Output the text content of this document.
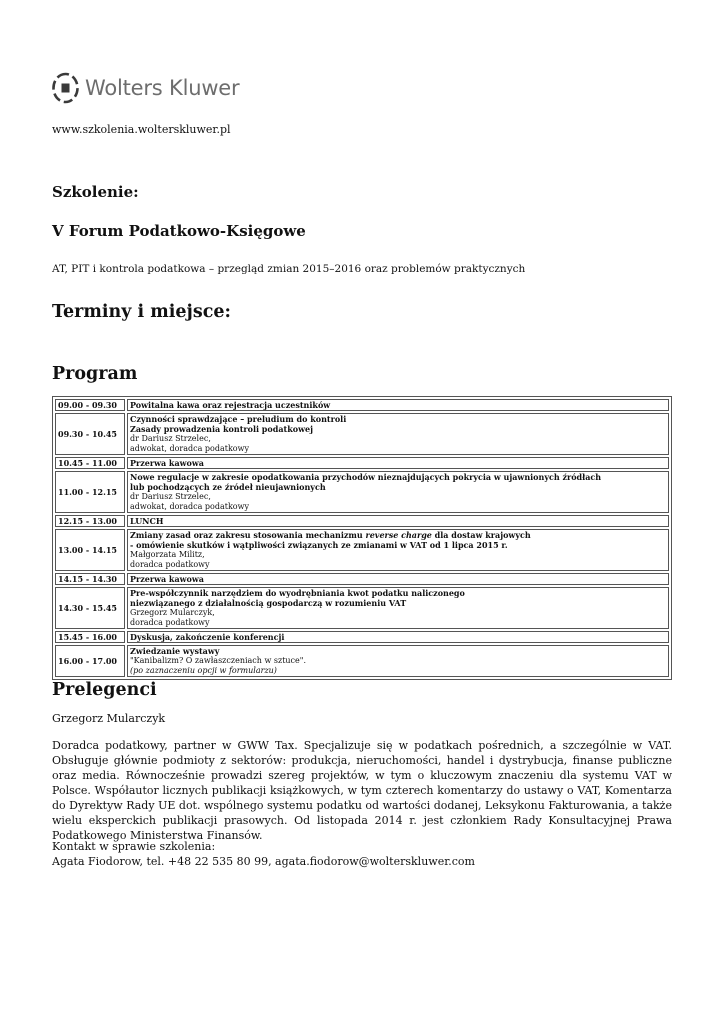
Wolters Kluwer
www.szkolenia.wolterskluwer.pl
Szkolenie:
V Forum Podatkowo-Księgowe
AT, PIT i kontrola podatkowa – przegląd zmian 2015–2016 oraz problemów praktycznych
Terminy i miejsce:
Program
09.00 - 09.30	Powitalna kawa oraz rejestracja uczestników

09.30 - 10.45	Czynności sprawdzające – preludium do kontroli
Zasady prowadzenia kontroli podatkowej
dr Dariusz Strzelec,
adwokat, doradca podatkowy

10.45 - 11.00	Przerwa kawowa

11.00 - 12.15	Nowe regulacje w zakresie opodatkowania przychodów nieznajdujących pokrycia w ujawnionych źródłach
lub pochodzących ze źródeł nieujawnionych
dr Dariusz Strzelec,
adwokat, doradca podatkowy

12.15 - 13.00	LUNCH

13.00 - 14.15	Zmiany zasad oraz zakresu stosowania mechanizmu reverse charge dla dostaw krajowych
- omówienie skutków i wątpliwości związanych ze zmianami w VAT od 1 lipca 2015 r.
Małgorzata Militz,
doradca podatkowy

14.15 - 14.30	Przerwa kawowa

14.30 - 15.45	Pre-współczynnik narzędziem do wyodrębniania kwot podatku naliczonego
niezwiązanego z działalnością gospodarczą w rozumieniu VAT
Grzegorz Mularczyk,
doradca podatkowy

15.45 - 16.00	Dyskusja, zakończenie konferencji

16.00 - 17.00	Zwiedzanie wystawy
"Kanibalizm? O zawłaszczeniach w sztuce".
(po zaznaczeniu opcji w formularzu)
Prelegenci
Grzegorz Mularczyk

Doradca podatkowy, partner w GWW Tax. Specjalizuje się w podatkach pośrednich, a szczególnie w VAT. Obsługuje głównie podmioty z sektorów: produkcja, nieruchomości, handel i dystrybucja, finanse publiczne oraz media. Równocześnie prowadzi szereg projektów, w tym o kluczowym znaczeniu dla systemu VAT w Polsce. Współautor licznych publikacji książkowych, w tym czterech komentarzy do ustawy o VAT, Komentarza do Dyrektyw Rady UE dot. wspólnego systemu podatku od wartości dodanej, Leksykonu Fakturowania, a także wielu eksperckich publikacji prasowych. Od listopada 2014 r. jest członkiem Rady Konsultacyjnej Prawa Podatkowego Ministerstwa Finansów.

Kontakt w sprawie szkolenia:
Agata Fiodorow, tel. +48 22 535 80 99, agata.fiodorow@wolterskluwer.com
